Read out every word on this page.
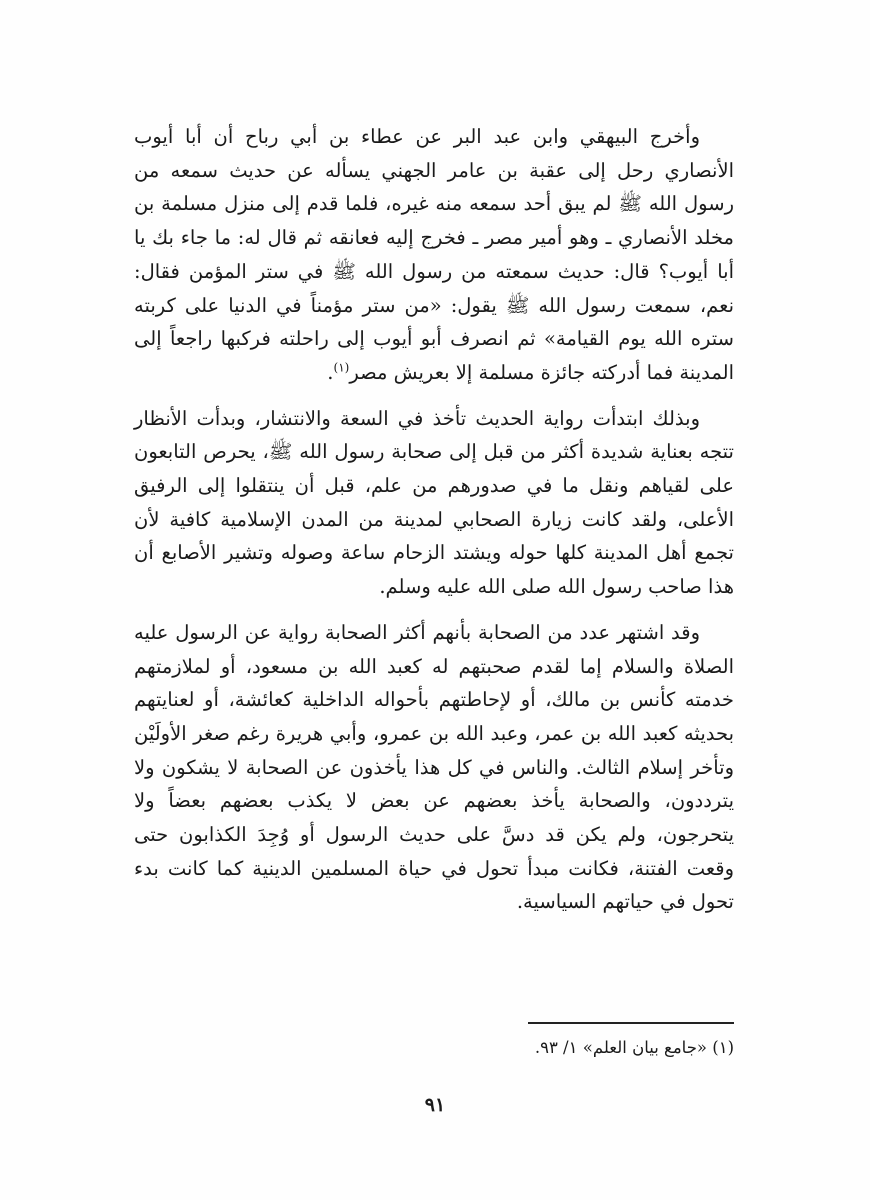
وأخرج البيهقي وابن عبد البر عن عطاء بن أبي رباح أن أبا أيوب الأنصاري رحل إلى عقبة بن عامر الجهني يسأله عن حديث سمعه من رسول الله ﷺ لم يبق أحد سمعه منه غيره، فلما قدم إلى منزل مسلمة بن مخلد الأنصاري ـ وهو أمير مصر ـ فخرج إليه فعانقه ثم قال له: ما جاء بك يا أبا أيوب؟ قال: حديث سمعته من رسول الله ﷺ في ستر المؤمن فقال: نعم، سمعت رسول الله ﷺ يقول: «من ستر مؤمناً في الدنيا على كربته ستره الله يوم القيامة» ثم انصرف أبو أيوب إلى راحلته فركبها راجعاً إلى المدينة فما أدركته جائزة مسلمة إلا بعريش مصر$^{(١)}$.

وبذلك ابتدأت رواية الحديث تأخذ في السعة والانتشار، وبدأت الأنظار تتجه بعناية شديدة أكثر من قبل إلى صحابة رسول الله ﷺ، يحرص التابعون على لقياهم ونقل ما في صدورهم من علم، قبل أن ينتقلوا إلى الرفيق الأعلى، ولقد كانت زيارة الصحابي لمدينة من المدن الإسلامية كافية لأن تجمع أهل المدينة كلها حوله ويشتد الزحام ساعة وصوله وتشير الأصابع أن هذا صاحب رسول الله صلى الله عليه وسلم.

وقد اشتهر عدد من الصحابة بأنهم أكثر الصحابة رواية عن الرسول عليه الصلاة والسلام إما لقدم صحبتهم له كعبد الله بن مسعود، أو لملازمتهم خدمته كأنس بن مالك، أو لإحاطتهم بأحواله الداخلية كعائشة، أو لعنايتهم بحديثه كعبد الله بن عمر، وعبد الله بن عمرو، وأبي هريرة رغم صغر الأولَيْن وتأخر إسلام الثالث. والناس في كل هذا يأخذون عن الصحابة لا يشكون ولا يترددون، والصحابة يأخذ بعضهم عن بعض لا يكذب بعضهم بعضاً ولا يتحرجون، ولم يكن قد دسَّ على حديث الرسول أو وُجِدَ الكذابون حتى وقعت الفتنة، فكانت مبدأ تحول في حياة المسلمين الدينية كما كانت بدء تحول في حياتهم السياسية.

(١) «جامع بيان العلم» ١/ ٩٣.
٩١
